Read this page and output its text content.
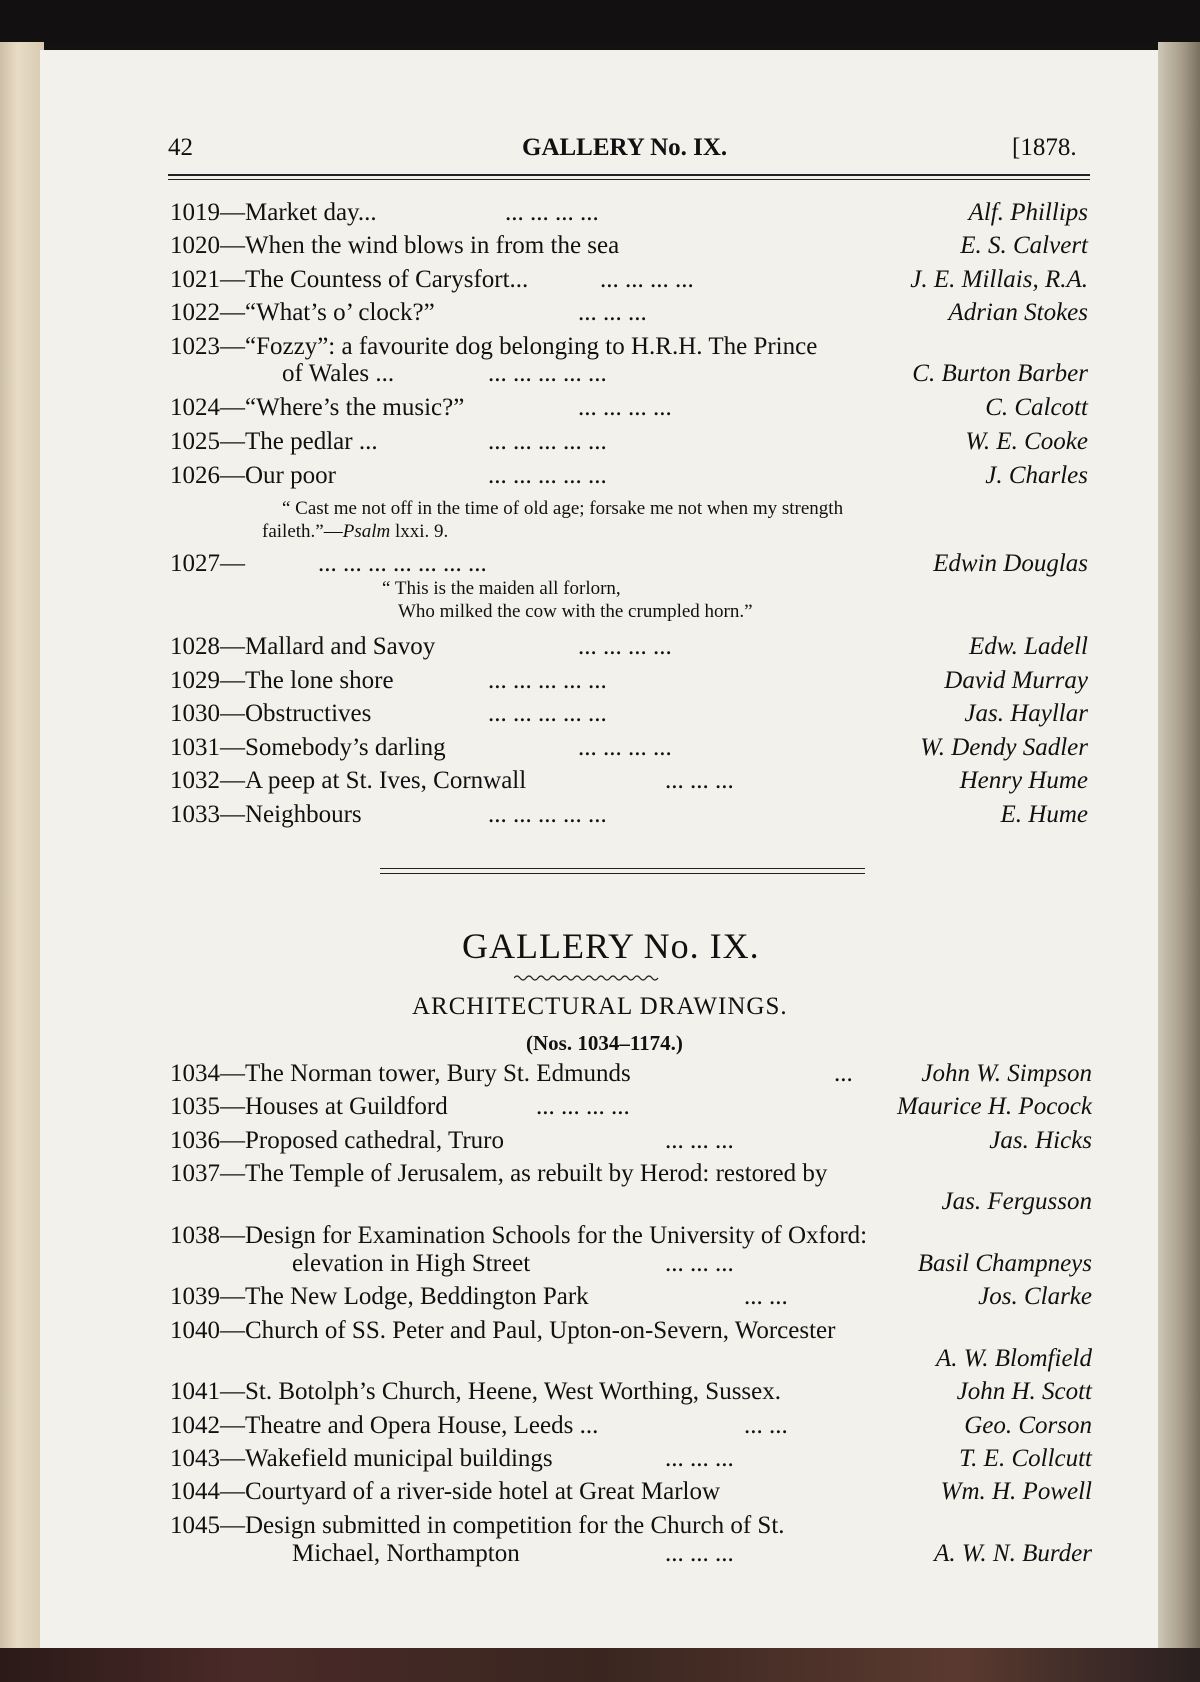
42	GALLERY No. IX.	[1878.
1019—Market day...	... ... ... ...	Alf. Phillips
1020—When the wind blows in from the sea	E. S. Calvert
1021—The Countess of Carysfort...	... ... ... ...	J. E. Millais, R.A.
1022—“What’s o’ clock?”	... ... ...	Adrian Stokes
1023—“Fozzy”: a favourite dog belonging to H.R.H. The Prince
of Wales ...	... ... ... ... ...	C. Burton Barber
1024—“Where’s the music?”	... ... ... ...	C. Calcott
1025—The pedlar ...	... ... ... ... ...	W. E. Cooke
1026—Our poor	... ... ... ... ...	J. Charles
“ Cast me not off in the time of old age; forsake me not when my strength
faileth.”—Psalm lxxi. 9.
1027—	... ... ... ... ... ... ...	Edwin Douglas
“ This is the maiden all forlorn,
Who milked the cow with the crumpled horn.”
1028—Mallard and Savoy	... ... ... ...	Edw. Ladell
1029—The lone shore	... ... ... ... ...	David Murray
1030—Obstructives	... ... ... ... ...	Jas. Hayllar
1031—Somebody’s darling	... ... ... ...	W. Dendy Sadler
1032—A peep at St. Ives, Cornwall	... ... ...	Henry Hume
1033—Neighbours	... ... ... ... ...	E. Hume
GALLERY No. IX.
ARCHITECTURAL DRAWINGS.
(Nos. 1034–1174.)
1034—The Norman tower, Bury St. Edmunds	...	John W. Simpson
1035—Houses at Guildford	... ... ... ...	Maurice H. Pocock
1036—Proposed cathedral, Truro	... ... ...	Jas. Hicks
1037—The Temple of Jerusalem, as rebuilt by Herod: restored by
Jas. Fergusson
1038—Design for Examination Schools for the University of Oxford:
elevation in High Street	... ... ...	Basil Champneys
1039—The New Lodge, Beddington Park	... ...	Jos. Clarke
1040—Church of SS. Peter and Paul, Upton-on-Severn, Worcester
A. W. Blomfield
1041—St. Botolph’s Church, Heene, West Worthing, Sussex.	John H. Scott
1042—Theatre and Opera House, Leeds ...	... ...	Geo. Corson
1043—Wakefield municipal buildings	... ... ...	T. E. Collcutt
1044—Courtyard of a river-side hotel at Great Marlow	Wm. H. Powell
1045—Design submitted in competition for the Church of St.
Michael, Northampton	... ... ...	A. W. N. Burder
